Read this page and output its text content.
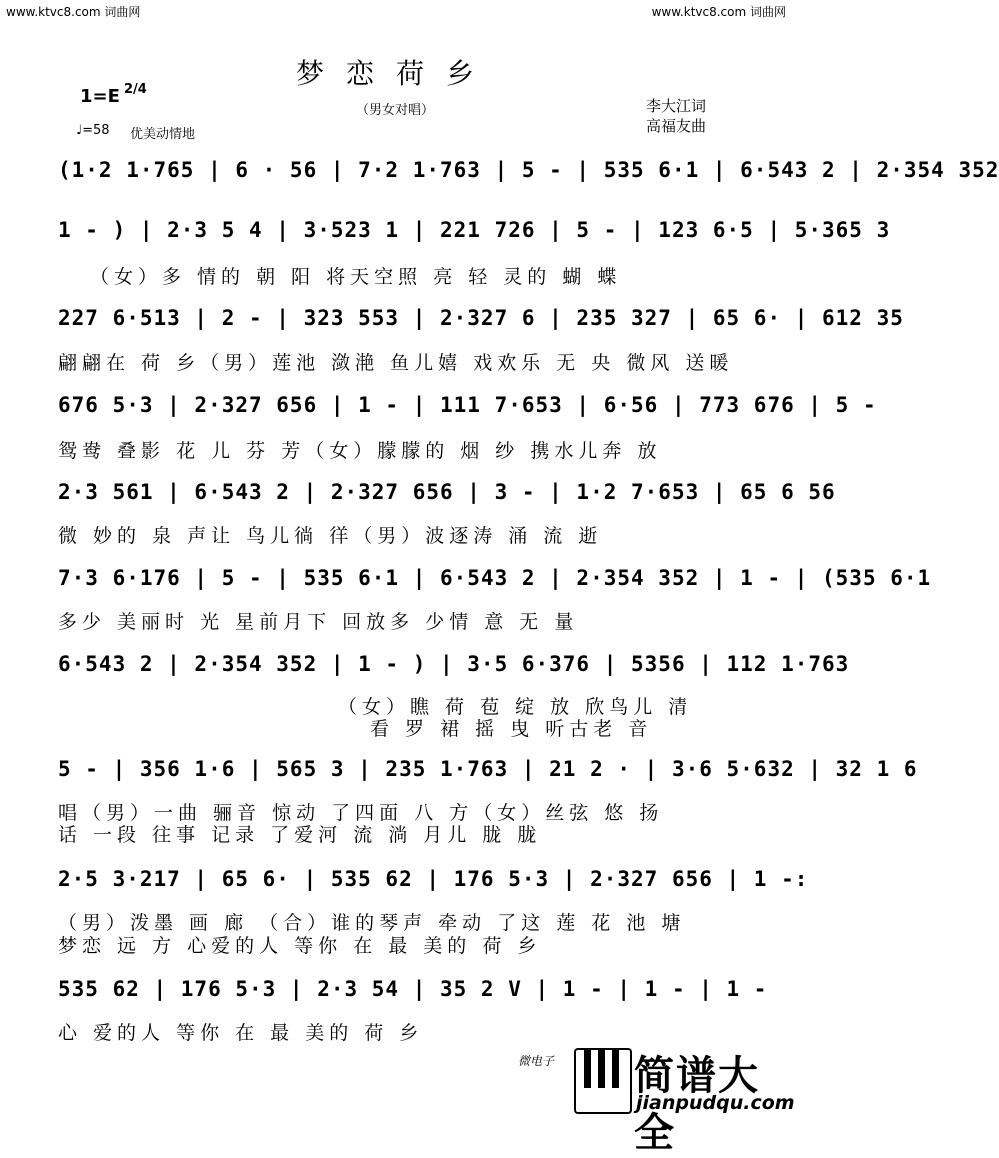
www.ktvc8.com 词曲网	www.ktvc8.com 词曲网
梦恋荷乡
1=E 2/4
♩=58 优美动情地
（男女对唱）	李大江词
高福友曲
(1·2 1·765 | 6 · 56 | 7·2 1·763 | 5 - | 535 6·1 | 6·543 2 | 2·354 352
1 - ) | 2·3 5 4 | 3·523 1 | 221 726 | 5 - | 123 6·5 | 5·365 3
（女）多 情的 朝 阳 将天空照 亮 轻 灵的 蝴 蝶
227 6·513 | 2 - | 323 553 | 2·327 6 | 235 327 | 65 6· | 612 35
翩翩在 荷 乡（男）莲池 潋滟 鱼儿嬉 戏欢乐 无 央 微风 送暖
676 5·3 | 2·327 656 | 1 - | 111 7·653 | 6·56 | 773 676 | 5 -
鸳鸯 叠影 花 儿 芬 芳（女）朦朦的 烟 纱 携水儿奔 放
2·3 561 | 6·543 2 | 2·327 656 | 3 - | 1·2 7·653 | 65 6 56
微 妙的 泉 声让 鸟儿徜 徉（男）波逐涛 涌 流 逝
7·3 6·176 | 5 - | 535 6·1 | 6·543 2 | 2·354 352 | 1 - | (535 6·1
多少 美丽时 光 星前月下 回放多 少情 意 无 量
6·543 2 | 2·354 352 | 1 - ) | 3·5 6·376 | 5356 | 112 1·763
（女）瞧 荷 苞 绽 放 欣鸟儿 清
看 罗 裙 摇 曳 听古老 音
5 - | 356 1·6 | 565 3 | 235 1·763 | 21 2 · | 3·6 5·632 | 32 1 6
唱（男）一曲 骊音 惊动 了四面 八 方（女）丝弦 悠 扬
话 一段 往事 记录 了爱河 流 淌 月儿 胧 胧
2·5 3·217 | 65 6· | 535 62 | 176 5·3 | 2·327 656 | 1 -:
（男）泼墨 画 廊 （合）谁的琴声 牵动 了这 莲 花 池 塘
梦恋 远 方 心爱的人 等你 在 最 美的 荷 乡
535 62 | 176 5·3 | 2·3 54 | 35 2 V | 1 - | 1 - | 1 -
心 爱的人 等你 在 最 美的 荷 乡
微电子 简谱大全
jianpudqu.com
